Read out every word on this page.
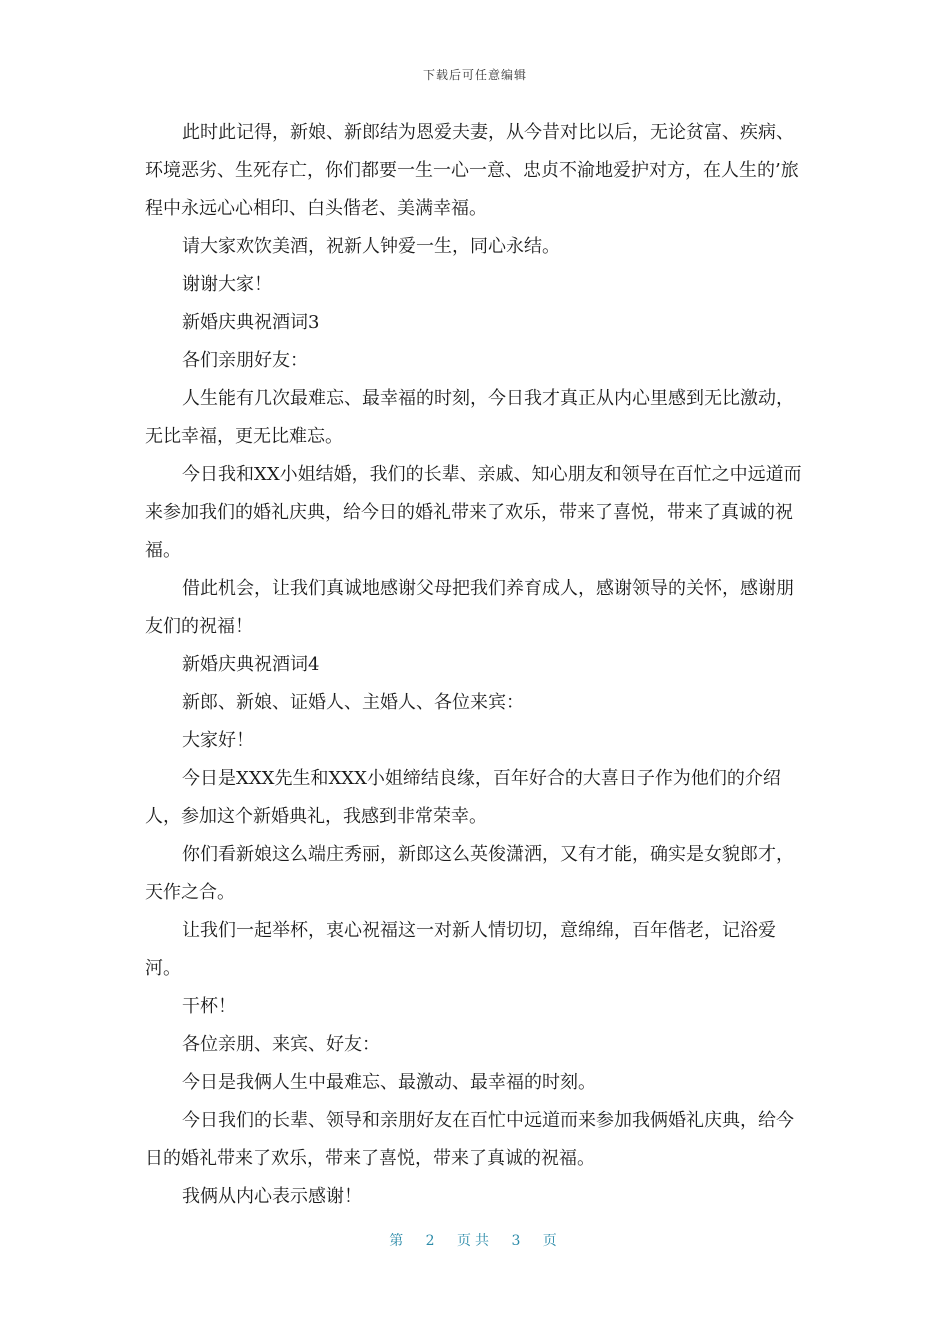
下载后可任意编辑

此时此记得，新娘、新郎结为恩爱夫妻，从今昔对比以后，无论贫富、疾病、环境恶劣、生死存亡，你们都要一生一心一意、忠贞不渝地爱护对方，在人生的’旅程中永远心心相印、白头偕老、美满幸福。

请大家欢饮美酒，祝新人钟爱一生，同心永结。

谢谢大家！

新婚庆典祝酒词3

各们亲朋好友：

人生能有几次最难忘、最幸福的时刻，今日我才真正从内心里感到无比激动，无比幸福，更无比难忘。

今日我和XX小姐结婚，我们的长辈、亲戚、知心朋友和领导在百忙之中远道而来参加我们的婚礼庆典，给今日的婚礼带来了欢乐，带来了喜悦，带来了真诚的祝福。

借此机会，让我们真诚地感谢父母把我们养育成人，感谢领导的关怀，感谢朋友们的祝福！

新婚庆典祝酒词4

新郎、新娘、证婚人、主婚人、各位来宾：

大家好！

今日是XXX先生和XXX小姐缔结良缘，百年好合的大喜日子作为他们的介绍人，参加这个新婚典礼，我感到非常荣幸。

你们看新娘这么端庄秀丽，新郎这么英俊潇洒，又有才能，确实是女貌郎才，天作之合。

让我们一起举杯，衷心祝福这一对新人情切切，意绵绵，百年偕老，记浴爱河。

干杯！

各位亲朋、来宾、好友：

今日是我俩人生中最难忘、最激动、最幸福的时刻。

今日我们的长辈、领导和亲朋好友在百忙中远道而来参加我俩婚礼庆典，给今日的婚礼带来了欢乐，带来了喜悦，带来了真诚的祝福。

我俩从内心表示感谢！

第 2 页共 3 页
